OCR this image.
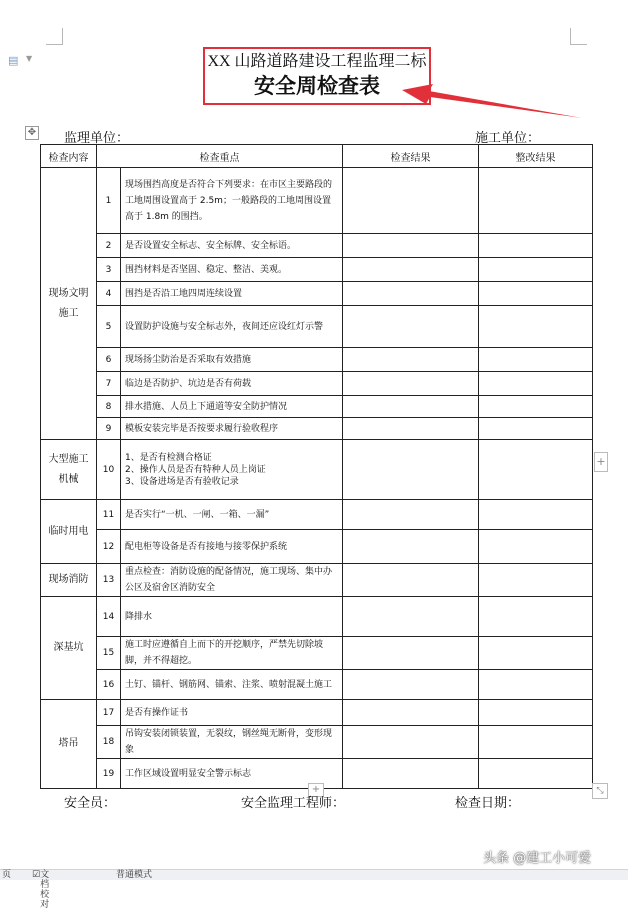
▤ ▼	XX 山路道路建设工程监理二标
安全周检查表
✥ 监理单位：	施工单位：
检查内容	检查重点		检查结果	整改结果
现场文明施工	1	现场围挡高度是否符合下列要求：在市区主要路段的工地周围设置高于 2.5m；一般路段的工地周围设置高于 1.8m 的围挡。		
	2	是否设置安全标志、安全标牌、安全标语。		
	3	围挡材料是否坚固、稳定、整洁、美观。		
	4	围挡是否沿工地四周连续设置		
	5	设置防护设施与安全标志外，夜间还应设红灯示警		
	6	现场扬尘防治是否采取有效措施		
	7	临边是否防护、坑边是否有荷载		
	8	排水措施、人员上下通道等安全防护情况		
	9	模板安装完毕是否按要求履行验收程序		
大型施工机械	10	1、是否有检测合格证
2、操作人员是否有特种人员上岗证
3、设备进场是否有验收记录		
临时用电	11	是否实行“一机、一闸、一箱、一漏”		
	12	配电柜等设备是否有接地与接零保护系统		
现场消防	13	重点检查：消防设施的配备情况，施工现场、集中办公区及宿舍区消防安全		
深基坑	14	降排水		
	15	施工时应遵循自上而下的开挖顺序，严禁先切除坡脚，并不得超挖。		
	16	土钉、锚杆、钢筋网、锚索、注浆、喷射混凝土施工		
塔吊	17	是否有操作证书		
	18	吊钩安装闭锁装置，无裂纹，钢丝绳无断骨，变形现象		
	19	工作区域设置明显安全警示标志		
+
+	⤡
安全员：	安全监理工程师：	检查日期：
头条 @建工小可爱
页 ☑ 文档校对
普通模式
